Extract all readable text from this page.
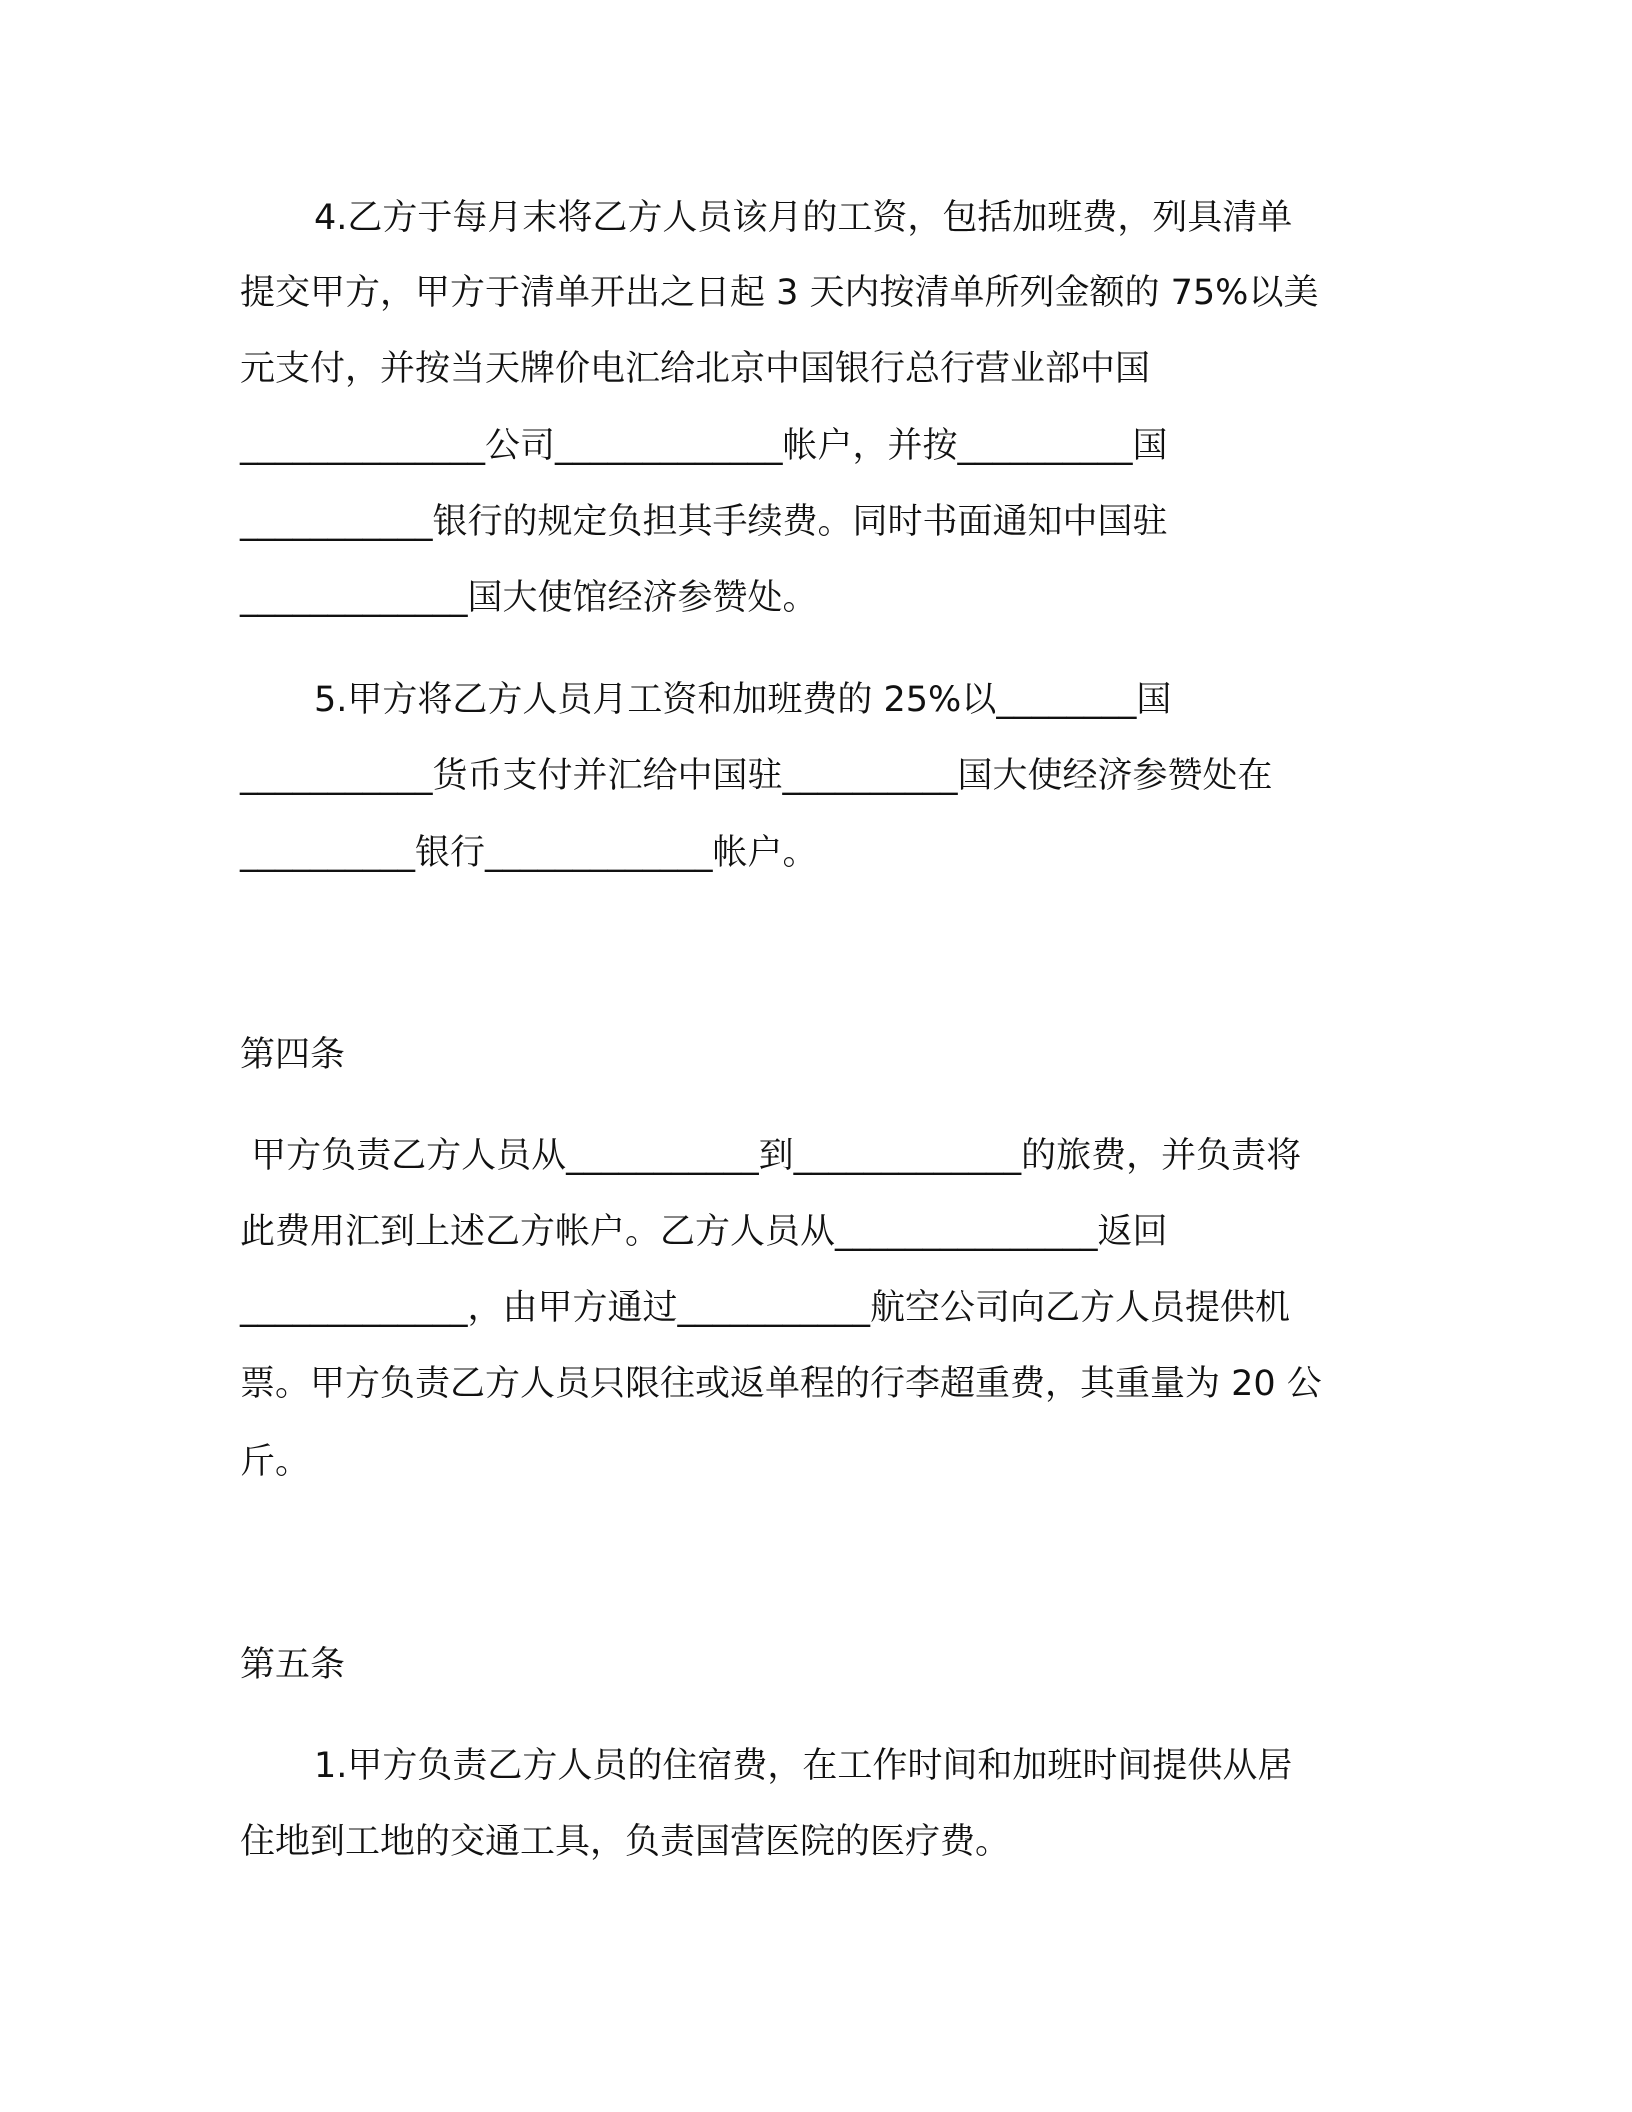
4.乙方于每月末将乙方人员该月的工资，包括加班费，列具清单

提交甲方，甲方于清单开出之日起 3 天内按清单所列金额的 75%以美

元支付，并按当天牌价电汇给北京中国银行总行营业部中国

______________公司_____________帐户，并按__________国

___________银行的规定负担其手续费。同时书面通知中国驻

_____________国大使馆经济参赞处。

5.甲方将乙方人员月工资和加班费的 25%以________国

___________货币支付并汇给中国驻__________国大使经济参赞处在

__________银行_____________帐户。

第四条

甲方负责乙方人员从___________到_____________的旅费，并负责将

此费用汇到上述乙方帐户。乙方人员从_______________返回

_____________，由甲方通过___________航空公司向乙方人员提供机

票。甲方负责乙方人员只限往或返单程的行李超重费，其重量为 20 公

斤。

第五条

1.甲方负责乙方人员的住宿费，在工作时间和加班时间提供从居

住地到工地的交通工具，负责国营医院的医疗费。
